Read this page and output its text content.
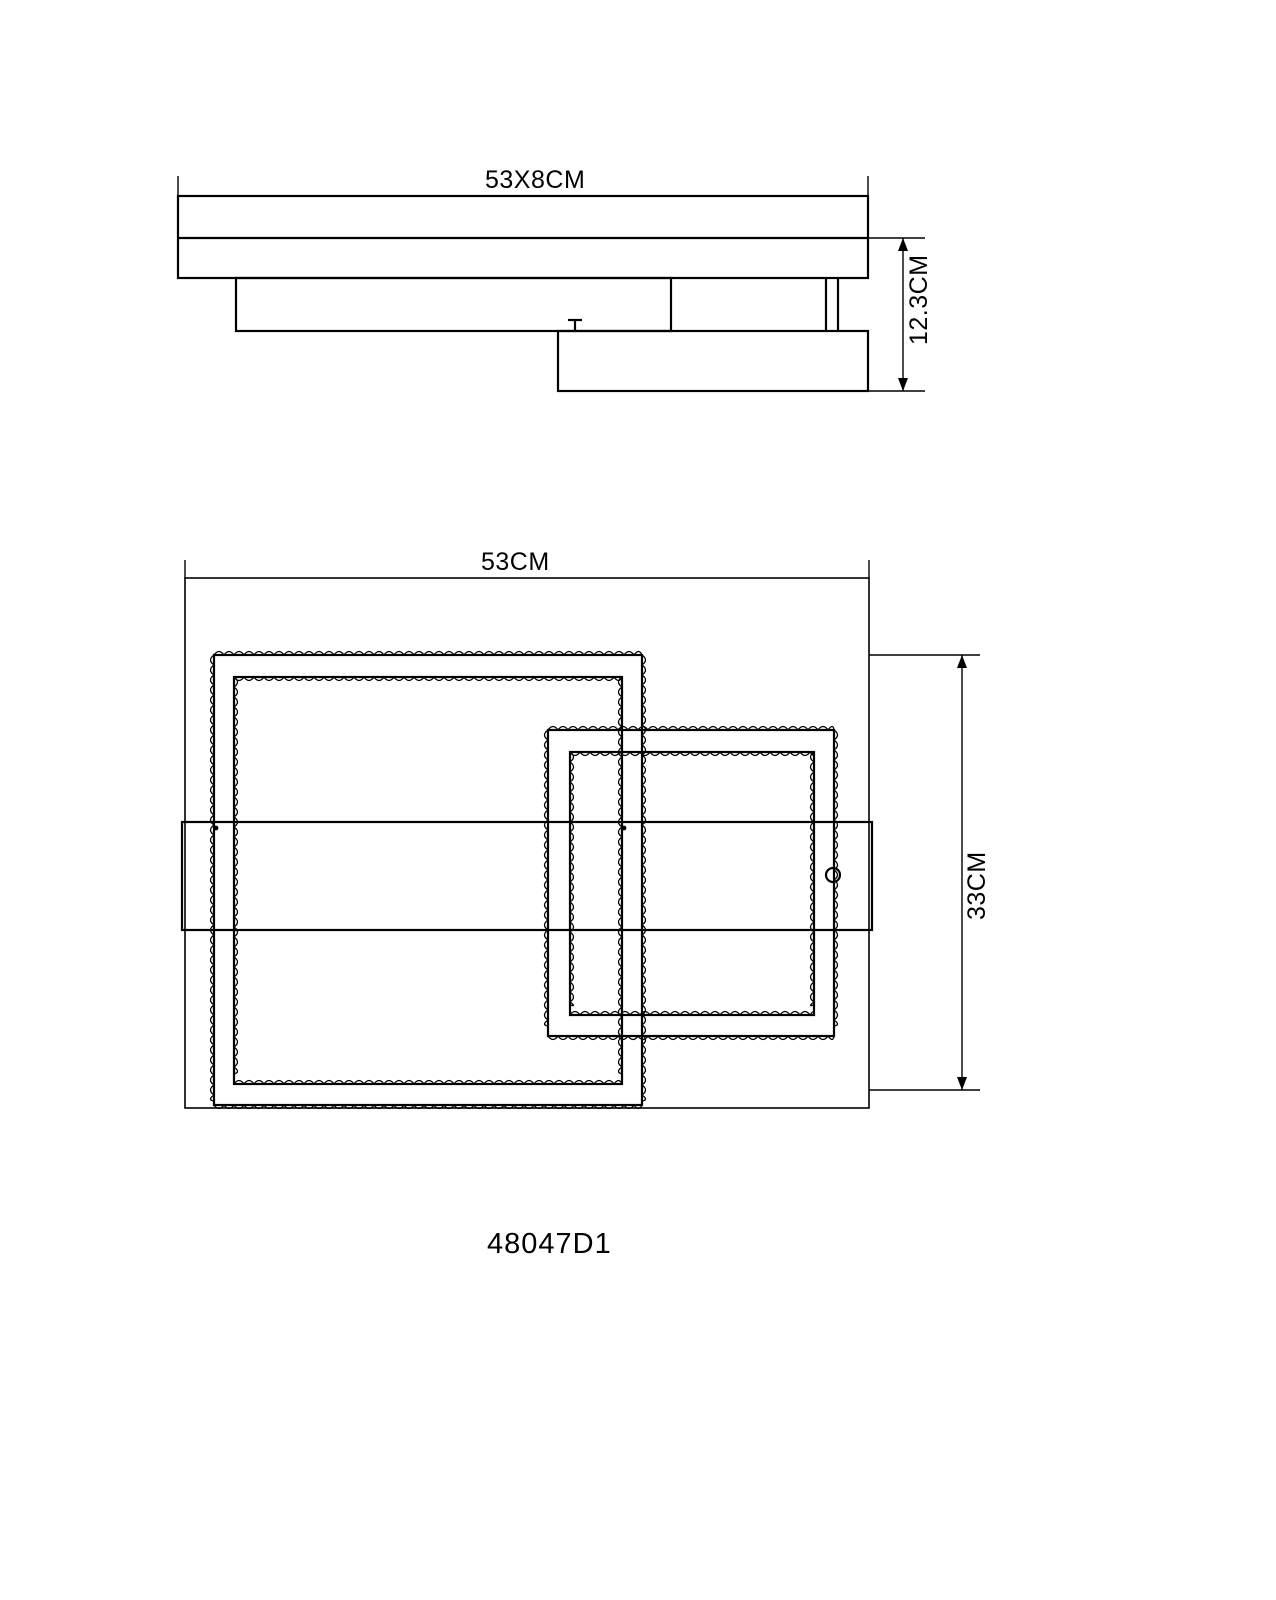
53X8CM
12.3CM
53CM
33CM
48047D1
